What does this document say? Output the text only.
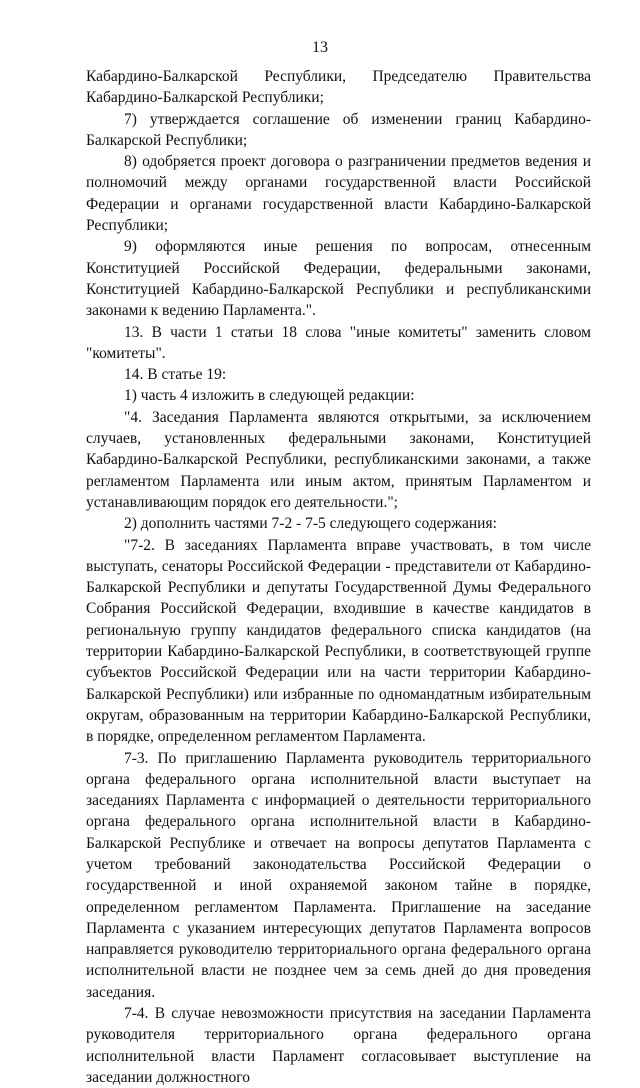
13

Кабардино-Балкарской Республики, Председателю Правительства Кабардино-Балкарской Республики;

7) утверждается соглашение об изменении границ Кабардино-Балкарской Республики;

8) одобряется проект договора о разграничении предметов ведения и полномочий между органами государственной власти Российской Федерации и органами государственной власти Кабардино-Балкарской Республики;

9) оформляются иные решения по вопросам, отнесенным Конституцией Российской Федерации, федеральными законами, Конституцией Кабардино-Балкарской Республики и республиканскими законами к ведению Парламента.".

13. В части 1 статьи 18 слова "иные комитеты" заменить словом "комитеты".

14. В статье 19:

1) часть 4 изложить в следующей редакции:

"4. Заседания Парламента являются открытыми, за исключением случаев, установленных федеральными законами, Конституцией Кабардино-Балкарской Республики, республиканскими законами, а также регламентом Парламента или иным актом, принятым Парламентом и устанавливающим порядок его деятельности.";

2) дополнить частями 7-2 - 7-5 следующего содержания:

"7-2. В заседаниях Парламента вправе участвовать, в том числе выступать, сенаторы Российской Федерации - представители от Кабардино-Балкарской Республики и депутаты Государственной Думы Федерального Собрания Российской Федерации, входившие в качестве кандидатов в региональную группу кандидатов федерального списка кандидатов (на территории Кабардино-Балкарской Республики, в соответствующей группе субъектов Российской Федерации или на части территории Кабардино-Балкарской Республики) или избранные по одномандатным избирательным округам, образованным на территории Кабардино-Балкарской Республики, в порядке, определенном регламентом Парламента.

7-3. По приглашению Парламента руководитель территориального органа федерального органа исполнительной власти выступает на заседаниях Парламента с информацией о деятельности территориального органа федерального органа исполнительной власти в Кабардино-Балкарской Республике и отвечает на вопросы депутатов Парламента с учетом требований законодательства Российской Федерации о государственной и иной охраняемой законом тайне в порядке, определенном регламентом Парламента. Приглашение на заседание Парламента с указанием интересующих депутатов Парламента вопросов направляется руководителю территориального органа федерального органа исполнительной власти не позднее чем за семь дней до дня проведения заседания.

7-4. В случае невозможности присутствия на заседании Парламента руководителя территориального органа федерального органа исполнительной власти Парламент согласовывает выступление на заседании должностного
